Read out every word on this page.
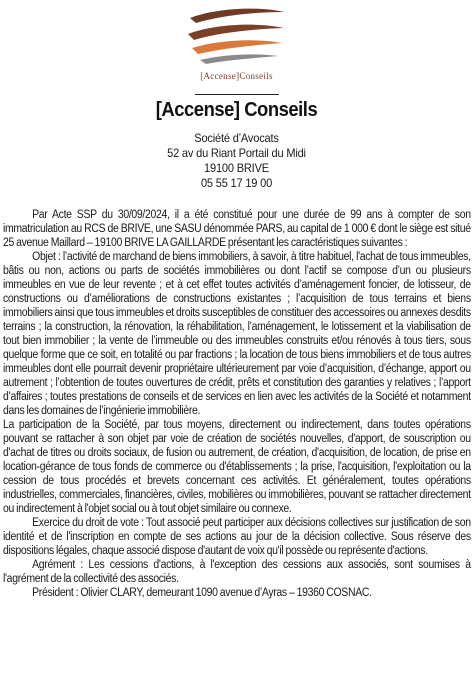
[Accense]Conseils
[Accense] Conseils
Société d’Avocats
52 av du Riant Portail du Midi
19100 BRIVE
05 55 17 19 00

Par Acte SSP du 30/09/2024, il a été constitué pour une durée de 99 ans à compter de son immatriculation au RCS de BRIVE, une SASU dénommée PARS, au capital de 1 000 € dont le siège est situé 25 avenue Maillard – 19100 BRIVE LA GAILLARDE présentant les caractéristiques suivantes :

Objet : l’activité de marchand de biens immobiliers, à savoir, à titre habituel, l'achat de tous immeubles, bâtis ou non, actions ou parts de sociétés immobilières ou dont l’actif se compose d’un ou plusieurs immeubles en vue de leur revente ; et à cet effet toutes activités d’aménagement foncier, de lotisseur, de constructions ou d’améliorations de constructions existantes ; l’acquisition de tous terrains et biens immobiliers ainsi que tous immeubles et droits susceptibles de constituer des accessoires ou annexes desdits terrains ; la construction, la rénovation, la réhabilitation, l’aménagement, le lotissement et la viabilisation de tout bien immobilier ; la vente de l’immeuble ou des immeubles construits et/ou rénovés à tous tiers, sous quelque forme que ce soit, en totalité ou par fractions ; la location de tous biens immobiliers et de tous autres immeubles dont elle pourrait devenir propriétaire ultérieurement par voie d’acquisition, d’échange, apport ou autrement ; l’obtention de toutes ouvertures de crédit, prêts et constitution des garanties y relatives ; l’apport d’affaires ; toutes prestations de conseils et de services en lien avec les activités de la Société et notamment dans les domaines de l’ingénierie immobilière.

La participation de la Société, par tous moyens, directement ou indirectement, dans toutes opérations pouvant se rattacher à son objet par voie de création de sociétés nouvelles, d'apport, de souscription ou d'achat de titres ou droits sociaux, de fusion ou autrement, de création, d'acquisition, de location, de prise en location-gérance de tous fonds de commerce ou d'établissements ; la prise, l'acquisition, l'exploitation ou la cession de tous procédés et brevets concernant ces activités. Et généralement, toutes opérations industrielles, commerciales, financières, civiles, mobilières ou immobilières, pouvant se rattacher directement ou indirectement à l'objet social ou à tout objet similaire ou connexe.

Exercice du droit de vote : Tout associé peut participer aux décisions collectives sur justification de son identité et de l'inscription en compte de ses actions au jour de la décision collective. Sous réserve des dispositions légales, chaque associé dispose d'autant de voix qu'il possède ou représente d'actions.

Agrément : Les cessions d'actions, à l'exception des cessions aux associés, sont soumises à l'agrément de la collectivité des associés.

Président : Olivier CLARY, demeurant 1090 avenue d’Ayras – 19360 COSNAC.
